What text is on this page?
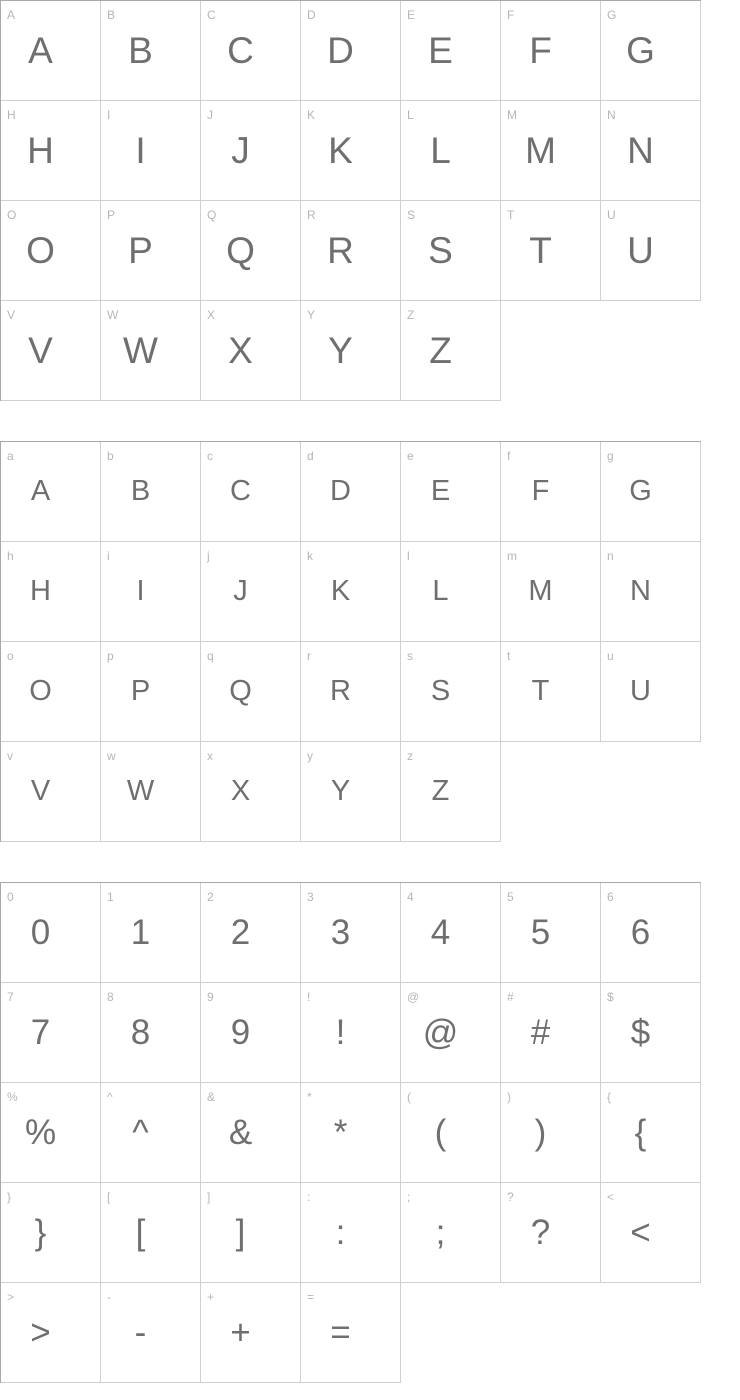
A
A
B
B
C
C
D
D
E
E
F
F
G
G
H
H
I
I
J
J
K
K
L
L
M
M
N
N
O
O
P
P
Q
Q
R
R
S
S
T
T
U
U
V
V
W
W
X
X
Y
Y
Z
Z
a
A
b
B
c
C
d
D
e
E
f
F
g
G
h
H
i
I
j
J
k
K
l
L
m
M
n
N
o
O
p
P
q
Q
r
R
s
S
t
T
u
U
v
V
w
W
x
X
y
Y
z
Z
0
0
1
1
2
2
3
3
4
4
5
5
6
6
7
7
8
8
9
9
!
!
@
@
#
#
$
$
%
%
^
^
&
&
*
*
(
(
)
)
{
{
}
}
[
[
]
]
:
:
;
;
?
?
<
<
>
>
-
-
+
+
=
=
